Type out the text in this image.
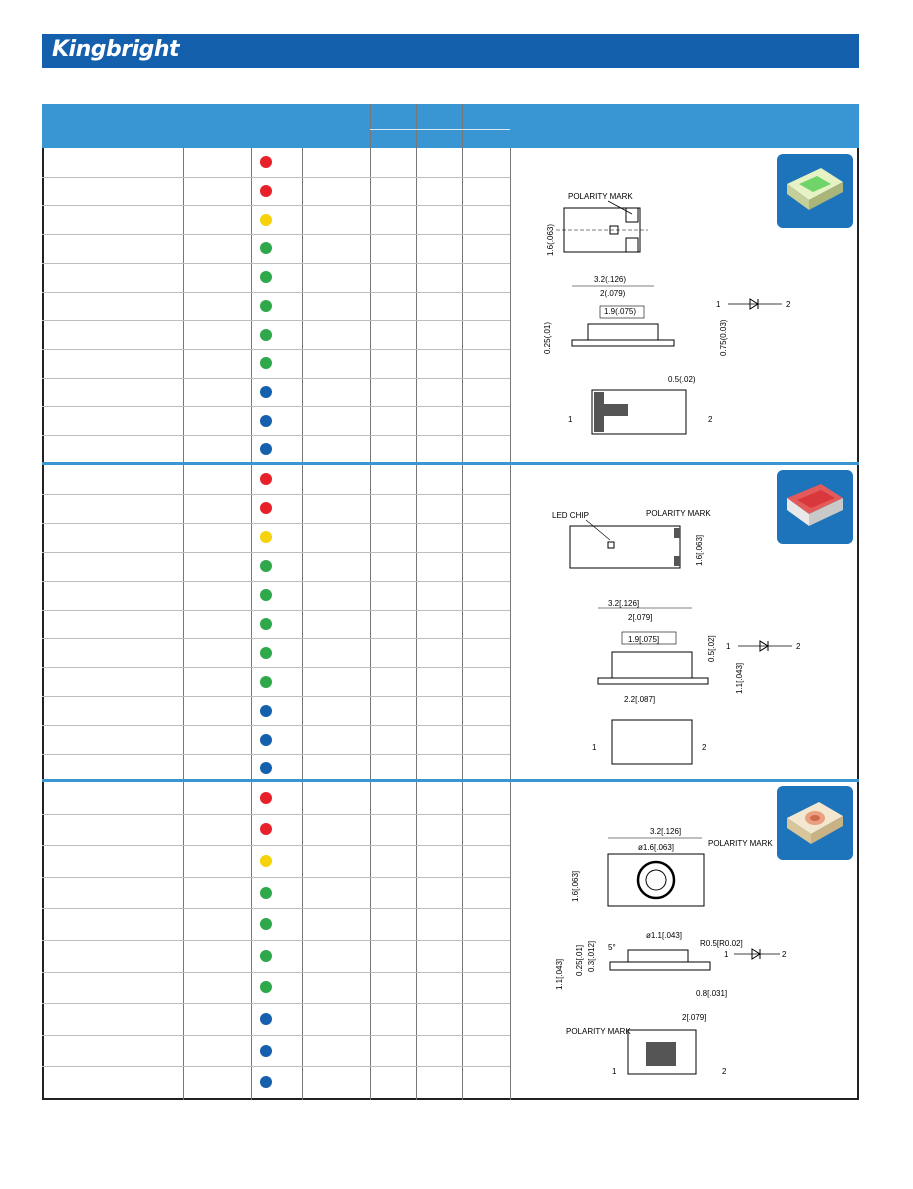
Kingbright
POLARITY MARK
1.6(.063)
3.2(.126)
2(.079)
1.9(.075)
0.25(.01)	0.75(0.03)
0.5(.02)
1	2
1	2
LED CHIP	POLARITY MARK
1.6[.063]
3.2[.126]
2[.079]
1.9[.075]	0.5[.02]
1.1[.043]
2.2[.087]
1	2
1	2
3.2[.126]
POLARITY MARK
ø1.6[.063]
1.6[.063]
ø1.1[.043]
R0.5[R0.02]
1.1[.043] 0.25[.01] 0.3[.012] 5°
0.8[.031]
2[.079]
POLARITY MARK
1	2
1	2
